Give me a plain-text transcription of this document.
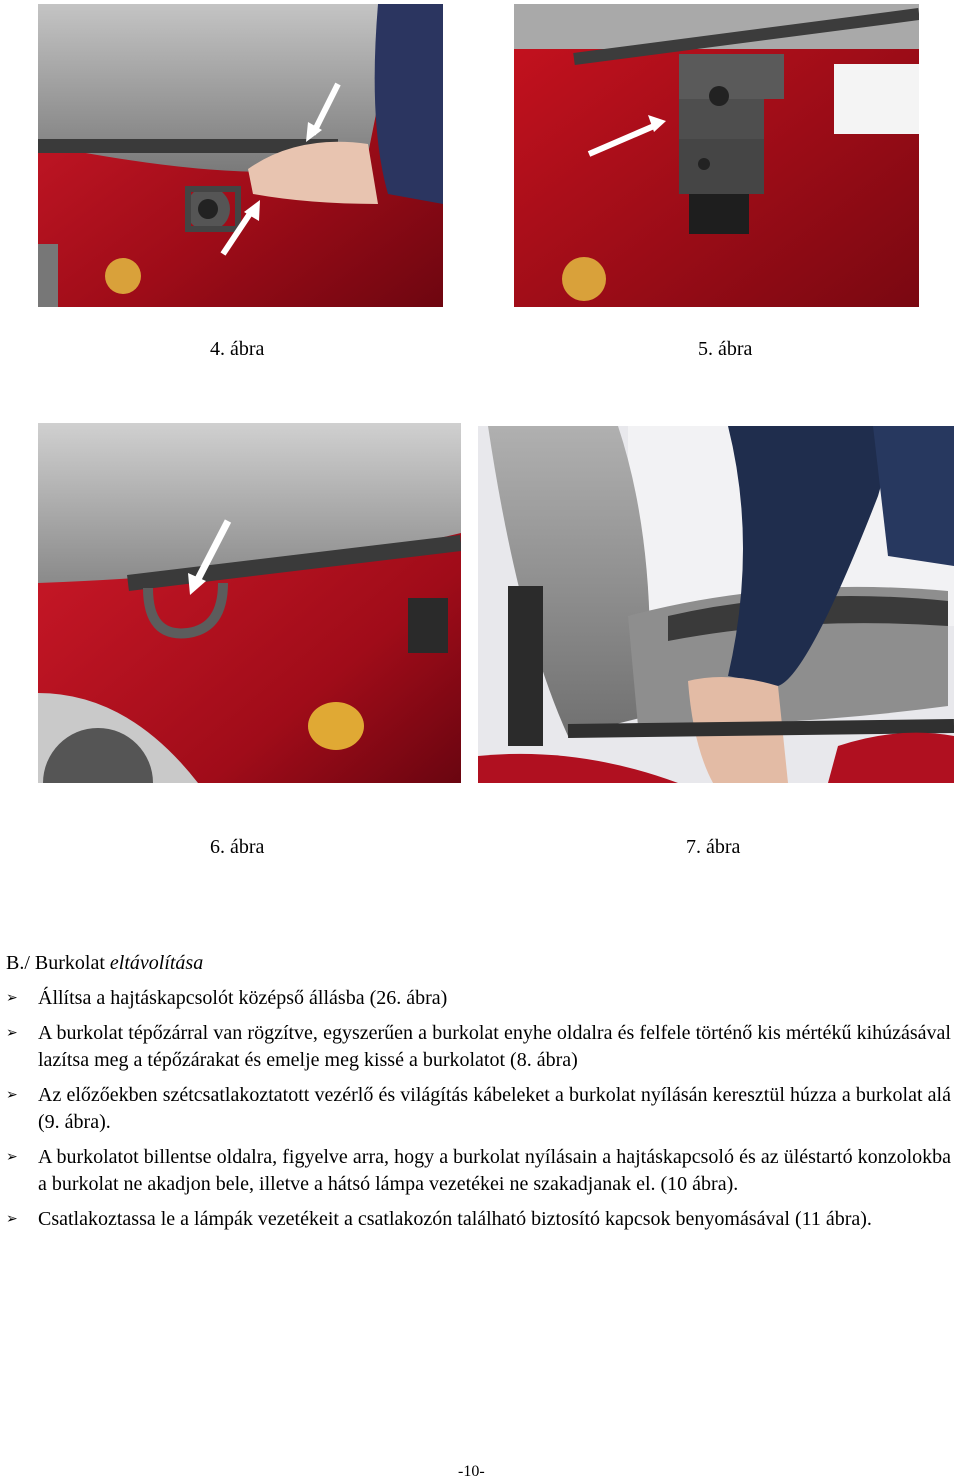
4. ábra	5. ábra
6. ábra	7. ábra
B./ Burkolat eltávolítása
➢ Állítsa a hajtáskapcsolót középső állásba (26. ábra)
➢ A burkolat tépőzárral van rögzítve, egyszerűen a burkolat enyhe oldalra és felfele történő kis mértékű kihúzásával lazítsa meg a tépőzárakat és emelje meg kissé a burkolatot (8. ábra)
➢ Az előzőekben szétcsatlakoztatott vezérlő és világítás kábeleket a burkolat nyílásán keresztül húzza a burkolat alá (9. ábra).
➢ A burkolatot billentse oldalra, figyelve arra, hogy a burkolat nyílásain a hajtáskapcsoló és az üléstartó konzolokba a burkolat ne akadjon bele, illetve a hátsó lámpa vezetékei ne szakadjanak el. (10 ábra).
➢ Csatlakoztassa le a lámpák vezetékeit a csatlakozón található biztosító kapcsok benyomásával (11 ábra).
-10-
